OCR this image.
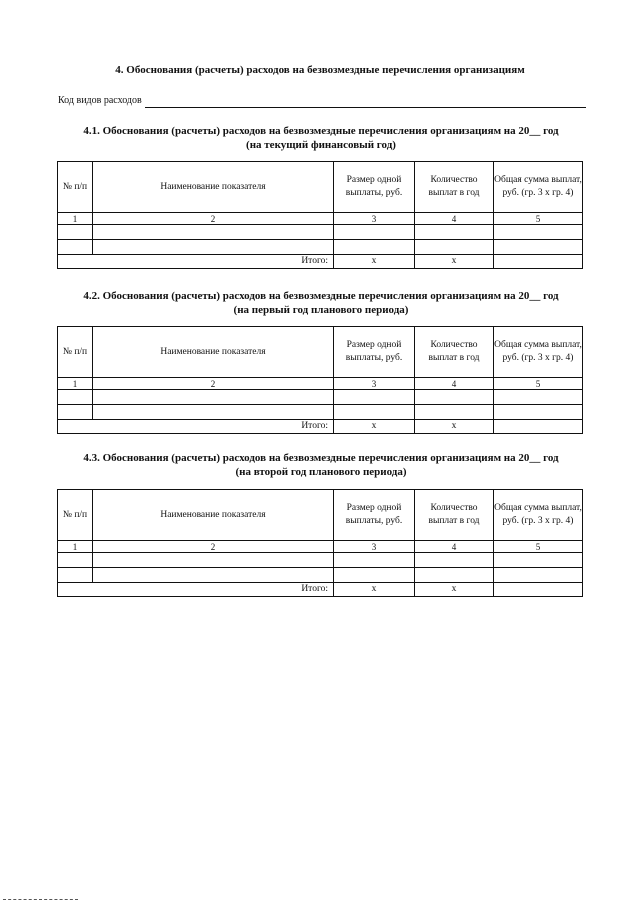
4. Обоснования (расчеты) расходов на безвозмездные перечисления организациям
Код видов расходов
4.1. Обоснования (расчеты) расходов на безвозмездные перечисления организациям на 20__ год
(на текущий финансовый год)
№ п/п	Наименование показателя	Размер одной выплаты, руб.	Количество выплат в год	Общая сумма выплат, руб. (гр. 3 х гр. 4)
1	2	3	4	5

Итого:		х	х	
4.2. Обоснования (расчеты) расходов на безвозмездные перечисления организациям на 20__ год
(на первый год планового периода)
№ п/п	Наименование показателя	Размер одной выплаты, руб.	Количество выплат в год	Общая сумма выплат, руб. (гр. 3 х гр. 4)
1	2	3	4	5

Итого:		х	х	
4.3. Обоснования (расчеты) расходов на безвозмездные перечисления организациям на 20__ год
(на второй год планового периода)
№ п/п	Наименование показателя	Размер одной выплаты, руб.	Количество выплат в год	Общая сумма выплат, руб. (гр. 3 х гр. 4)
1	2	3	4	5

Итого:		х	х	
